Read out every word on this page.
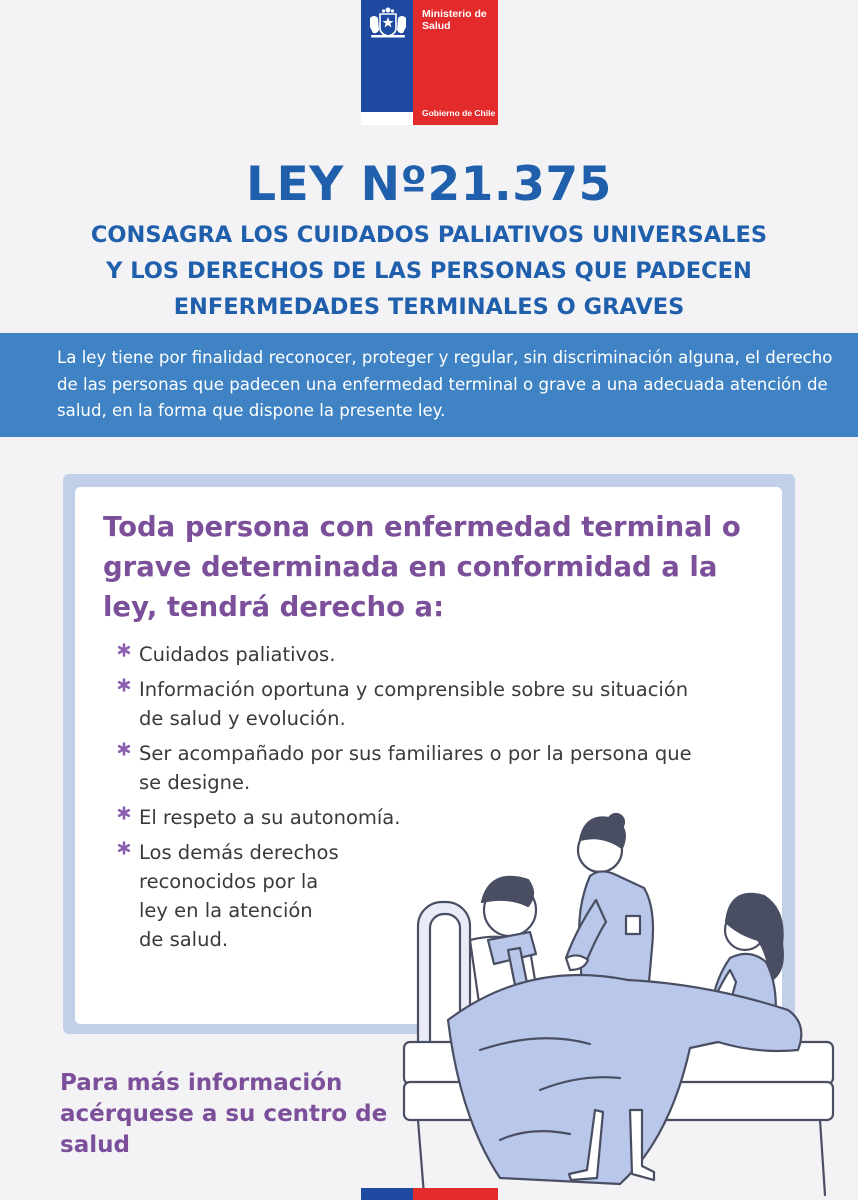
Ministerio de Salud
Gobierno de Chile
LEY Nº21.375
CONSAGRA LOS CUIDADOS PALIATIVOS UNIVERSALES
Y LOS DERECHOS DE LAS PERSONAS QUE PADECEN
ENFERMEDADES TERMINALES O GRAVES

La ley tiene por finalidad reconocer, proteger y regular, sin discriminación alguna, el derecho de las personas que padecen una enfermedad terminal o grave a una adecuada atención de salud, en la forma que dispone la presente ley.

Toda persona con enfermedad terminal o grave determinada en conformidad a la ley, tendrá derecho a:
Cuidados paliativos.
Información oportuna y comprensible sobre su situación de salud y evolución.
Ser acompañado por sus familiares o por la persona que se designe.
El respeto a su autonomía.
Los demás derechos
reconocidos por la
ley en la atención
de salud.
Para más información acérquese a su centro de salud
